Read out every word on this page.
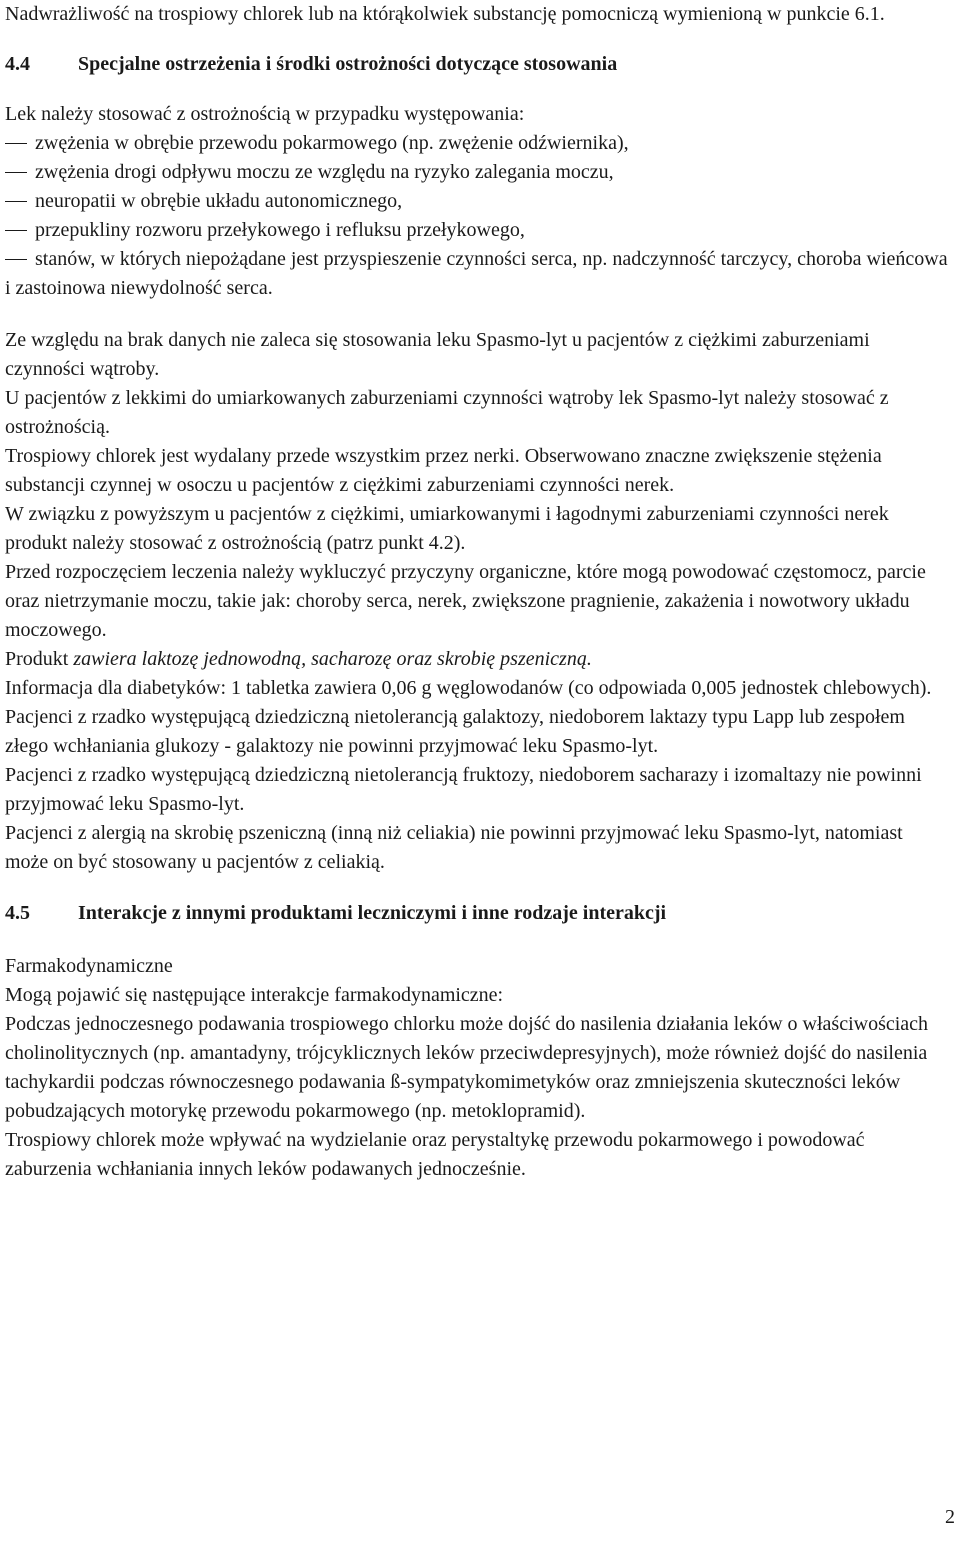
Nadwrażliwość na trospiowy chlorek lub na którąkolwiek substancję pomocniczą wymienioną w punkcie 6.1.

4.4	Specjalne ostrzeżenia i środki ostrożności dotyczące stosowania

Lek należy stosować z ostrożnością w przypadku występowania:

zwężenia w obrębie przewodu pokarmowego (np. zwężenie odźwiernika),
zwężenia drogi odpływu moczu ze względu na ryzyko zalegania moczu,
neuropatii w obrębie układu autonomicznego,
przepukliny rozworu przełykowego i refluksu przełykowego,
stanów, w których niepożądane jest przyspieszenie czynności serca, np. nadczynność tarczycy, choroba wieńcowa i zastoinowa niewydolność serca.

Ze względu na brak danych nie zaleca się stosowania leku Spasmo-lyt u pacjentów z ciężkimi zaburzeniami czynności wątroby.

U pacjentów z lekkimi do umiarkowanych zaburzeniami czynności wątroby lek Spasmo-lyt należy stosować z ostrożnością.

Trospiowy chlorek jest wydalany przede wszystkim przez nerki. Obserwowano znaczne zwiększenie stężenia substancji czynnej w osoczu u pacjentów z ciężkimi zaburzeniami czynności nerek.

W związku z powyższym u pacjentów z ciężkimi, umiarkowanymi i łagodnymi zaburzeniami czynności nerek produkt należy stosować z ostrożnością (patrz punkt 4.2).

Przed rozpoczęciem leczenia należy wykluczyć przyczyny organiczne, które mogą powodować częstomocz, parcie oraz nietrzymanie moczu, takie jak: choroby serca, nerek, zwiększone pragnienie, zakażenia i nowotwory układu moczowego.

Produkt zawiera laktozę jednowodną, sacharozę oraz skrobię pszeniczną.

Informacja dla diabetyków: 1 tabletka zawiera 0,06 g węglowodanów (co odpowiada 0,005 jednostek chlebowych).

Pacjenci z rzadko występującą dziedziczną nietolerancją galaktozy, niedoborem laktazy typu Lapp lub zespołem złego wchłaniania glukozy - galaktozy nie powinni przyjmować leku Spasmo-lyt.

Pacjenci z rzadko występującą dziedziczną nietolerancją fruktozy, niedoborem sacharazy i izomaltazy nie powinni przyjmować leku Spasmo-lyt.

Pacjenci z alergią na skrobię pszeniczną (inną niż celiakia) nie powinni przyjmować leku Spasmo-lyt, natomiast może on być stosowany u pacjentów z celiakią.

4.5	Interakcje z innymi produktami leczniczymi i inne rodzaje interakcji

Farmakodynamiczne

Mogą pojawić się następujące interakcje farmakodynamiczne:

Podczas jednoczesnego podawania trospiowego chlorku może dojść do nasilenia działania leków o właściwościach cholinolitycznych (np. amantadyny, trójcyklicznych leków przeciwdepresyjnych), może również dojść do nasilenia tachykardii podczas równoczesnego podawania ß-sympatykomimetyków oraz zmniejszenia skuteczności leków pobudzających motorykę przewodu pokarmowego (np. metoklopramid).

Trospiowy chlorek może wpływać na wydzielanie oraz perystaltykę przewodu pokarmowego i powodować zaburzenia wchłaniania innych leków podawanych jednocześnie.

2
